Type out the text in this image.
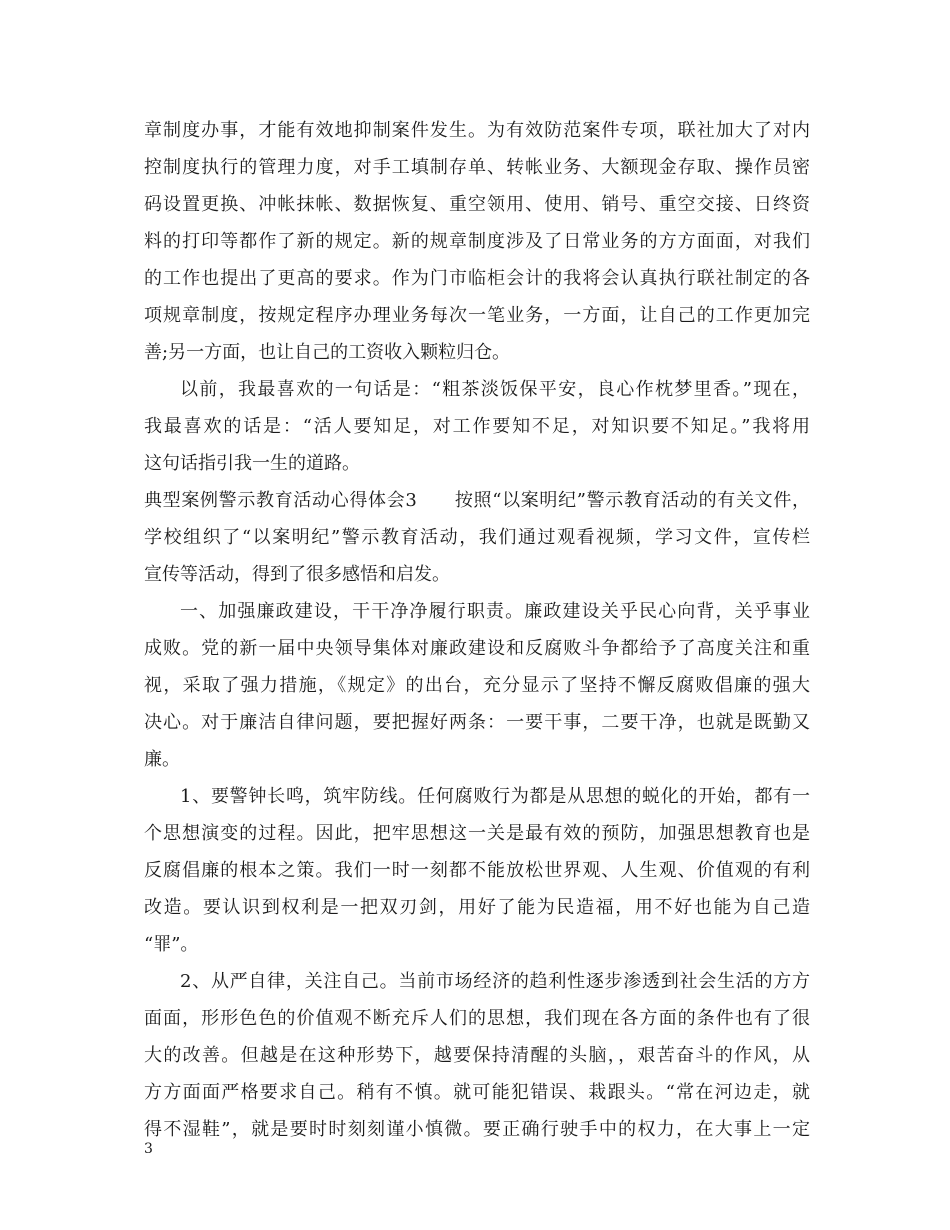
章制度办事，才能有效地抑制案件发生。为有效防范案件专项，联社加大了对内
控制度执行的管理力度，对手工填制存单、转帐业务、大额现金存取、操作员密
码设置更换、冲帐抹帐、数据恢复、重空领用、使用、销号、重空交接、日终资
料的打印等都作了新的规定。新的规章制度涉及了日常业务的方方面面，对我们
的工作也提出了更高的要求。作为门市临柜会计的我将会认真执行联社制定的各
项规章制度，按规定程序办理业务每次一笔业务，一方面，让自己的工作更加完
善;另一方面，也让自己的工资收入颗粒归仓。
以前，我最喜欢的一句话是：“粗茶淡饭保平安，良心作枕梦里香。”现在，
我最喜欢的话是：“活人要知足，对工作要知不足，对知识要不知足。”我将用
这句话指引我一生的道路。
典型案例警示教育活动心得体会3　　按照“以案明纪”警示教育活动的有关文件，
学校组织了“以案明纪”警示教育活动，我们通过观看视频，学习文件，宣传栏
宣传等活动，得到了很多感悟和启发。
一、加强廉政建设，干干净净履行职责。廉政建设关乎民心向背，关乎事业
成败。党的新一届中央领导集体对廉政建设和反腐败斗争都给予了高度关注和重
视，采取了强力措施，《规定》的出台，充分显示了坚持不懈反腐败倡廉的强大
决心。对于廉洁自律问题，要把握好两条：一要干事，二要干净，也就是既勤又
廉。
1、要警钟长鸣，筑牢防线。任何腐败行为都是从思想的蜕化的开始，都有一
个思想演变的过程。因此，把牢思想这一关是最有效的预防，加强思想教育也是
反腐倡廉的根本之策。我们一时一刻都不能放松世界观、人生观、价值观的有利
改造。要认识到权利是一把双刃剑，用好了能为民造福，用不好也能为自己造
“罪”。
2、从严自律，关注自己。当前市场经济的趋利性逐步渗透到社会生活的方方
面面，形形色色的价值观不断充斥人们的思想，我们现在各方面的条件也有了很
大的改善。但越是在这种形势下，越要保持清醒的头脑，，艰苦奋斗的作风，从
方方面面严格要求自己。稍有不慎。就可能犯错误、栽跟头。“常在河边走，就
得不湿鞋”，就是要时时刻刻谨小慎微。要正确行驶手中的权力，在大事上一定
3
